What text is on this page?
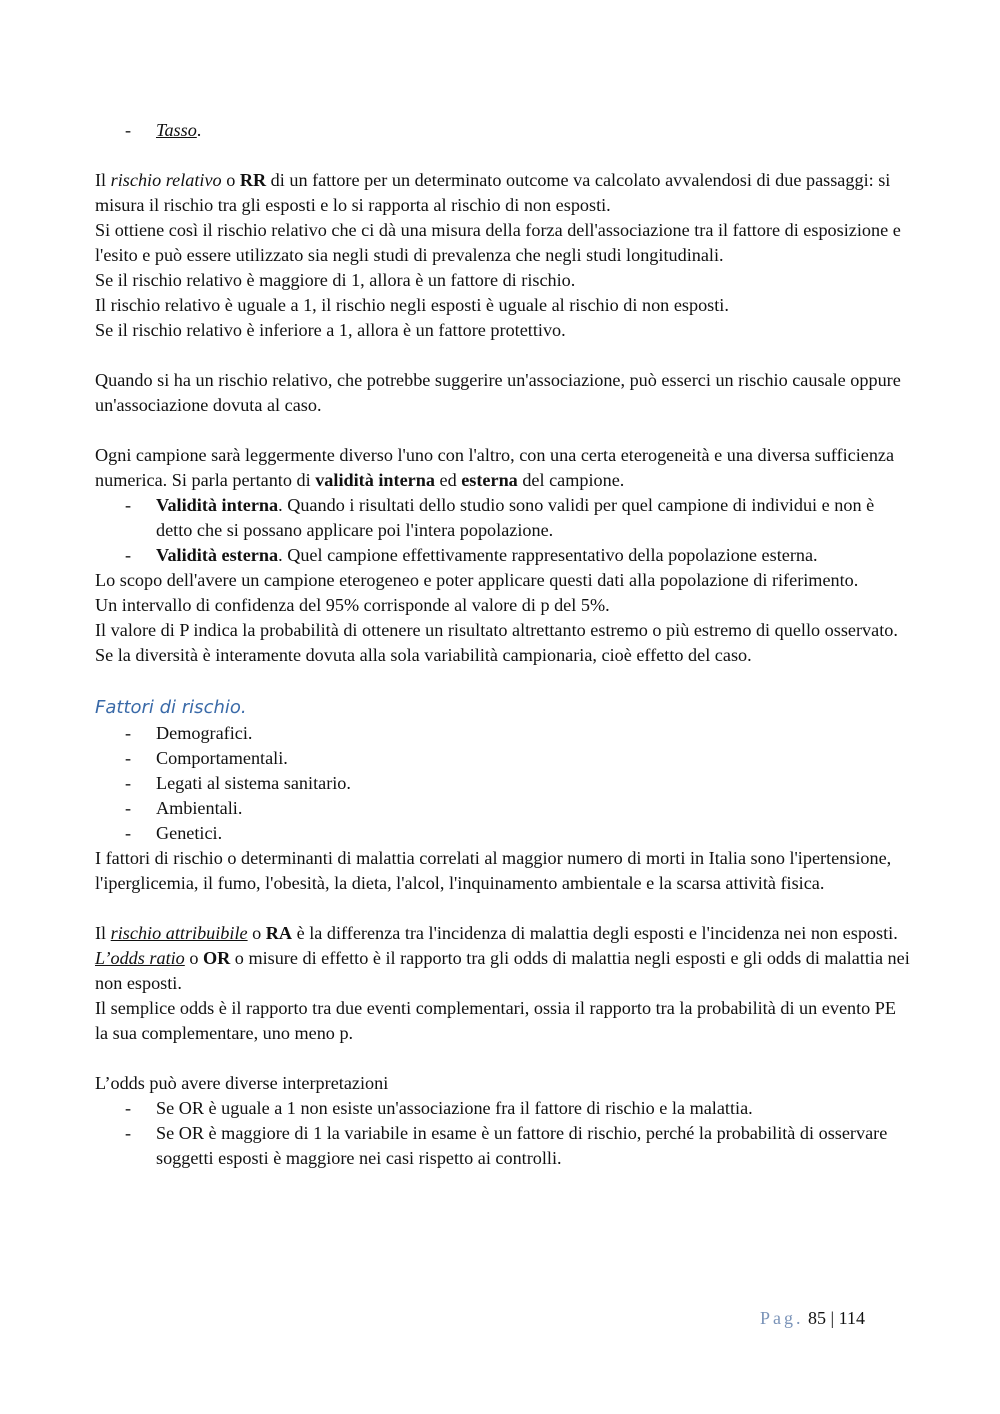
- Tasso.

Il rischio relativo o RR di un fattore per un determinato outcome va calcolato avvalendosi di due passaggi: si misura il rischio tra gli esposti e lo si rapporta al rischio di non esposti.

Si ottiene così il rischio relativo che ci dà una misura della forza dell'associazione tra il fattore di esposizione e l'esito e può essere utilizzato sia negli studi di prevalenza che negli studi longitudinali.

Se il rischio relativo è maggiore di 1, allora è un fattore di rischio.

Il rischio relativo è uguale a 1, il rischio negli esposti è uguale al rischio di non esposti.

Se il rischio relativo è inferiore a 1, allora è un fattore protettivo.

Quando si ha un rischio relativo, che potrebbe suggerire un'associazione, può esserci un rischio causale oppure un'associazione dovuta al caso.

Ogni campione sarà leggermente diverso l'uno con l'altro, con una certa eterogeneità e una diversa sufficienza numerica. Si parla pertanto di validità interna ed esterna del campione.

- Validità interna. Quando i risultati dello studio sono validi per quel campione di individui e non è detto che si possano applicare poi l'intera popolazione.
- Validità esterna. Quel campione effettivamente rappresentativo della popolazione esterna.

Lo scopo dell'avere un campione eterogeneo e poter applicare questi dati alla popolazione di riferimento.

Un intervallo di confidenza del 95% corrisponde al valore di p del 5%.

Il valore di P indica la probabilità di ottenere un risultato altrettanto estremo o più estremo di quello osservato. Se la diversità è interamente dovuta alla sola variabilità campionaria, cioè effetto del caso.

Fattori di rischio.
- Demografici.
- Comportamentali.
- Legati al sistema sanitario.
- Ambientali.
- Genetici.

I fattori di rischio o determinanti di malattia correlati al maggior numero di morti in Italia sono l'ipertensione, l'iperglicemia, il fumo, l'obesità, la dieta, l'alcol, l'inquinamento ambientale e la scarsa attività fisica.

Il rischio attribuibile o RA è la differenza tra l'incidenza di malattia degli esposti e l'incidenza nei non esposti.

L’odds ratio o OR o misure di effetto è il rapporto tra gli odds di malattia negli esposti e gli odds di malattia nei non esposti.

Il semplice odds è il rapporto tra due eventi complementari, ossia il rapporto tra la probabilità di un evento PE la sua complementare, uno meno p.

L’odds può avere diverse interpretazioni

- Se OR è uguale a 1 non esiste un'associazione fra il fattore di rischio e la malattia.
- Se OR è maggiore di 1 la variabile in esame è un fattore di rischio, perché la probabilità di osservare soggetti esposti è maggiore nei casi rispetto ai controlli.
Pag. 85 | 114
